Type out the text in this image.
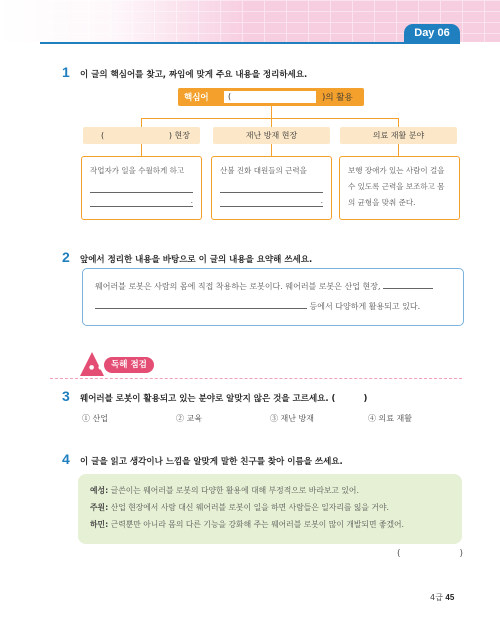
Day 06
1 이 글의 핵심어를 찾고, 짜임에 맞게 주요 내용을 정리하세요.
핵심어	(	)의 활용
(	) 현장	재난 방재 현장	의료 재활 분야
작업자가 일을 수월하게 하고
.
산불 진화 대원들의 근력을
.
보행 장애가 있는 사람이 걸을 수 있도록 근력을 보조하고 몸의 균형을 맞춰 준다.
2 앞에서 정리한 내용을 바탕으로 이 글의 내용을 요약해 쓰세요.
웨어러블 로봇은 사람의 몸에 직접 착용하는 로봇이다. 웨어러블 로봇은 산업 현장,
등에서 다양하게 활용되고 있다.
● ● 독해 점검
3 웨어러블 로봇이 활용되고 있는 분야로 알맞지 않은 것을 고르세요. (	)
① 산업	② 교육	③ 재난 방재	④ 의료 재활
4 이 글을 읽고 생각이나 느낌을 알맞게 말한 친구를 찾아 이름을 쓰세요.
예성: 글쓴이는 웨어러블 로봇의 다양한 활용에 대해 부정적으로 바라보고 있어.
주원: 산업 현장에서 사람 대신 웨어러블 로봇이 일을 하면 사람들은 일자리를 잃을 거야.
하민: 근력뿐만 아니라 몸의 다른 기능을 강화해 주는 웨어러블 로봇이 많이 개발되면 좋겠어.
(	)
4급 45
